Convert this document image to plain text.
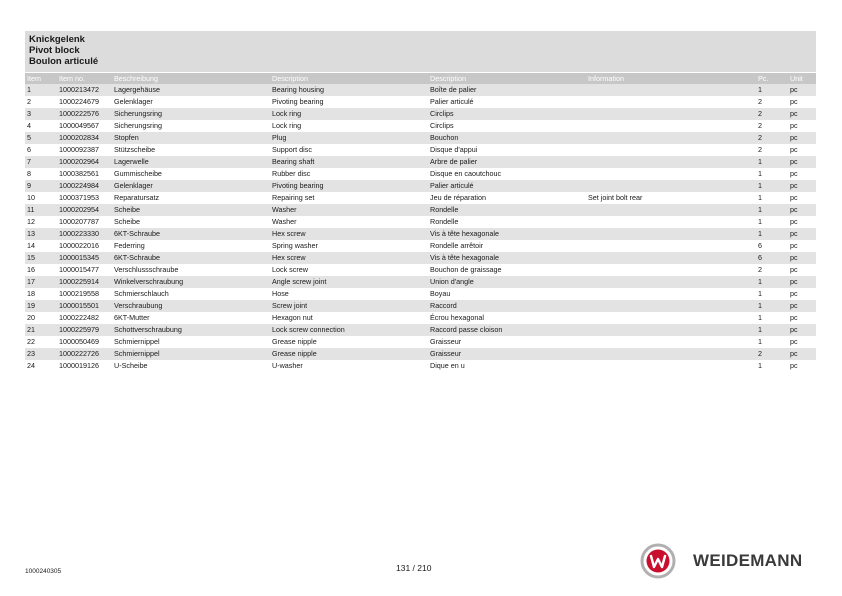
Knickgelenk
Pivot block
Boulon articulé
Item	Item no.	Beschreibung	Description	Description	Information	Pc.	Unit
1	1000213472	Lagergehäuse	Bearing housing	Boîte de palier		1	pc
2	1000224679	Gelenklager	Pivoting bearing	Palier articulé		2	pc
3	1000222576	Sicherungsring	Lock ring	Circlips		2	pc
4	1000049567	Sicherungsring	Lock ring	Circlips		2	pc
5	1000202834	Stopfen	Plug	Bouchon		2	pc
6	1000092387	Stützscheibe	Support disc	Disque d'appui		2	pc
7	1000202964	Lagerwelle	Bearing shaft	Arbre de palier		1	pc
8	1000382561	Gummischeibe	Rubber disc	Disque en caoutchouc		1	pc
9	1000224984	Gelenklager	Pivoting bearing	Palier articulé		1	pc
10	1000371953	Reparatursatz	Repairing set	Jeu de réparation	Set joint bolt rear	1	pc
11	1000202954	Scheibe	Washer	Rondelle		1	pc
12	1000207787	Scheibe	Washer	Rondelle		1	pc
13	1000223330	6KT-Schraube	Hex screw	Vis à tête hexagonale		1	pc
14	1000022016	Federring	Spring washer	Rondelle arrêtoir		6	pc
15	1000015345	6KT-Schraube	Hex screw	Vis à tête hexagonale		6	pc
16	1000015477	Verschlussschraube	Lock screw	Bouchon de graissage		2	pc
17	1000225914	Winkelverschraubung	Angle screw joint	Union d'angle		1	pc
18	1000219558	Schmierschlauch	Hose	Boyau		1	pc
19	1000015501	Verschraubung	Screw joint	Raccord		1	pc
20	1000222482	6KT-Mutter	Hexagon nut	Écrou hexagonal		1	pc
21	1000225979	Schottverschraubung	Lock screw connection	Raccord passe cloison		1	pc
22	1000050469	Schmiernippel	Grease nipple	Graisseur		1	pc
23	1000222726	Schmiernippel	Grease nipple	Graisseur		2	pc
24	1000019126	U-Scheibe	U-washer	Dique en u		1	pc
1000240305	131 / 210	WEIDEMANN
